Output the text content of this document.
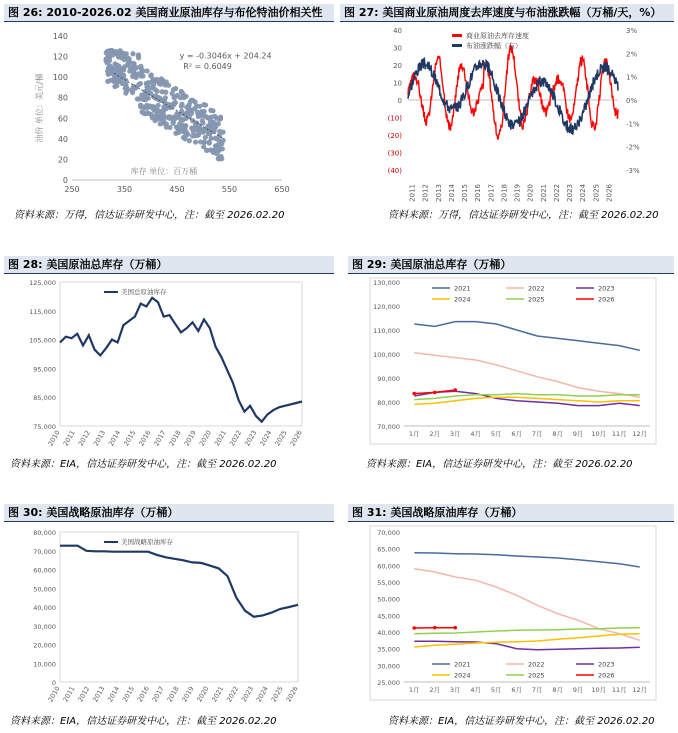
图 26: 2010-2026.02 美国商业原油库存与布伦特油价相关性
0
20
40
60
80
100
120
140
250	350	450	550	650
y = -0.3046x + 204.24
R² = 0.6049
库存 单位：百万桶
油价 单位：美元/桶
资料来源：万得，信达证券研发中心，注：截至 2026.02.20
图 27: 美国商业原油周度去库速度与布油涨跌幅（万桶/天，%）
40
30
20
10
0
(10)
(20)
(30)
(40)
3%
2%
1%
0%
-1%
-2%
-3%
2011 2012 2013 2014 2015 2016 2017 2018 2019 2020 2021 2022 2023 2024 2025 2026
商业原油去库存速度
布油涨跌幅（右）
资料来源：万得，信达证券研发中心，注：截至 2026.02.20
图 28: 美国原油总库存（万桶）
125,000
115,000
105,000
95,000
85,000
75,000
2010 2011 2012 2013 2014 2015 2016 2017 2018 2019 2020 2021 2022 2023 2024 2025 2026
美国总原油库存
资料来源：EIA，信达证券研发中心，注：截至 2026.02.20
图 29: 美国原油总库存（万桶）
130,000
120,000
110,000
100,000
90,000
80,000
70,000
1月 2月 3月 4月 5月 6月 7月 8月 9月 10月 11月 12月
2021	2022	2023
2024	2025	2026
资料来源：EIA，信达证券研发中心，注：截至 2026.02.20
图 30: 美国战略原油库存（万桶）
80,000
70,000
60,000
50,000
40,000
30,000
20,000
10,000
0
2010 2011 2012 2013 2014 2015 2016 2017 2018 2019 2020 2021 2022 2023 2024 2025 2026
美国战略原油库存
资料来源：EIA，信达证券研发中心，注：截至 2026.02.20
图 31: 美国战略原油库存（万桶）
70,000
65,000
60,000
55,000
50,000
45,000
40,000
35,000
30,000
25,000
1月 2月 3月 4月 5月 6月 7月 8月 9月 10月 11月 12月
2021	2022	2023
2024	2025	2026
资料来源：EIA，信达证券研发中心，注：截至 2026.02.20
